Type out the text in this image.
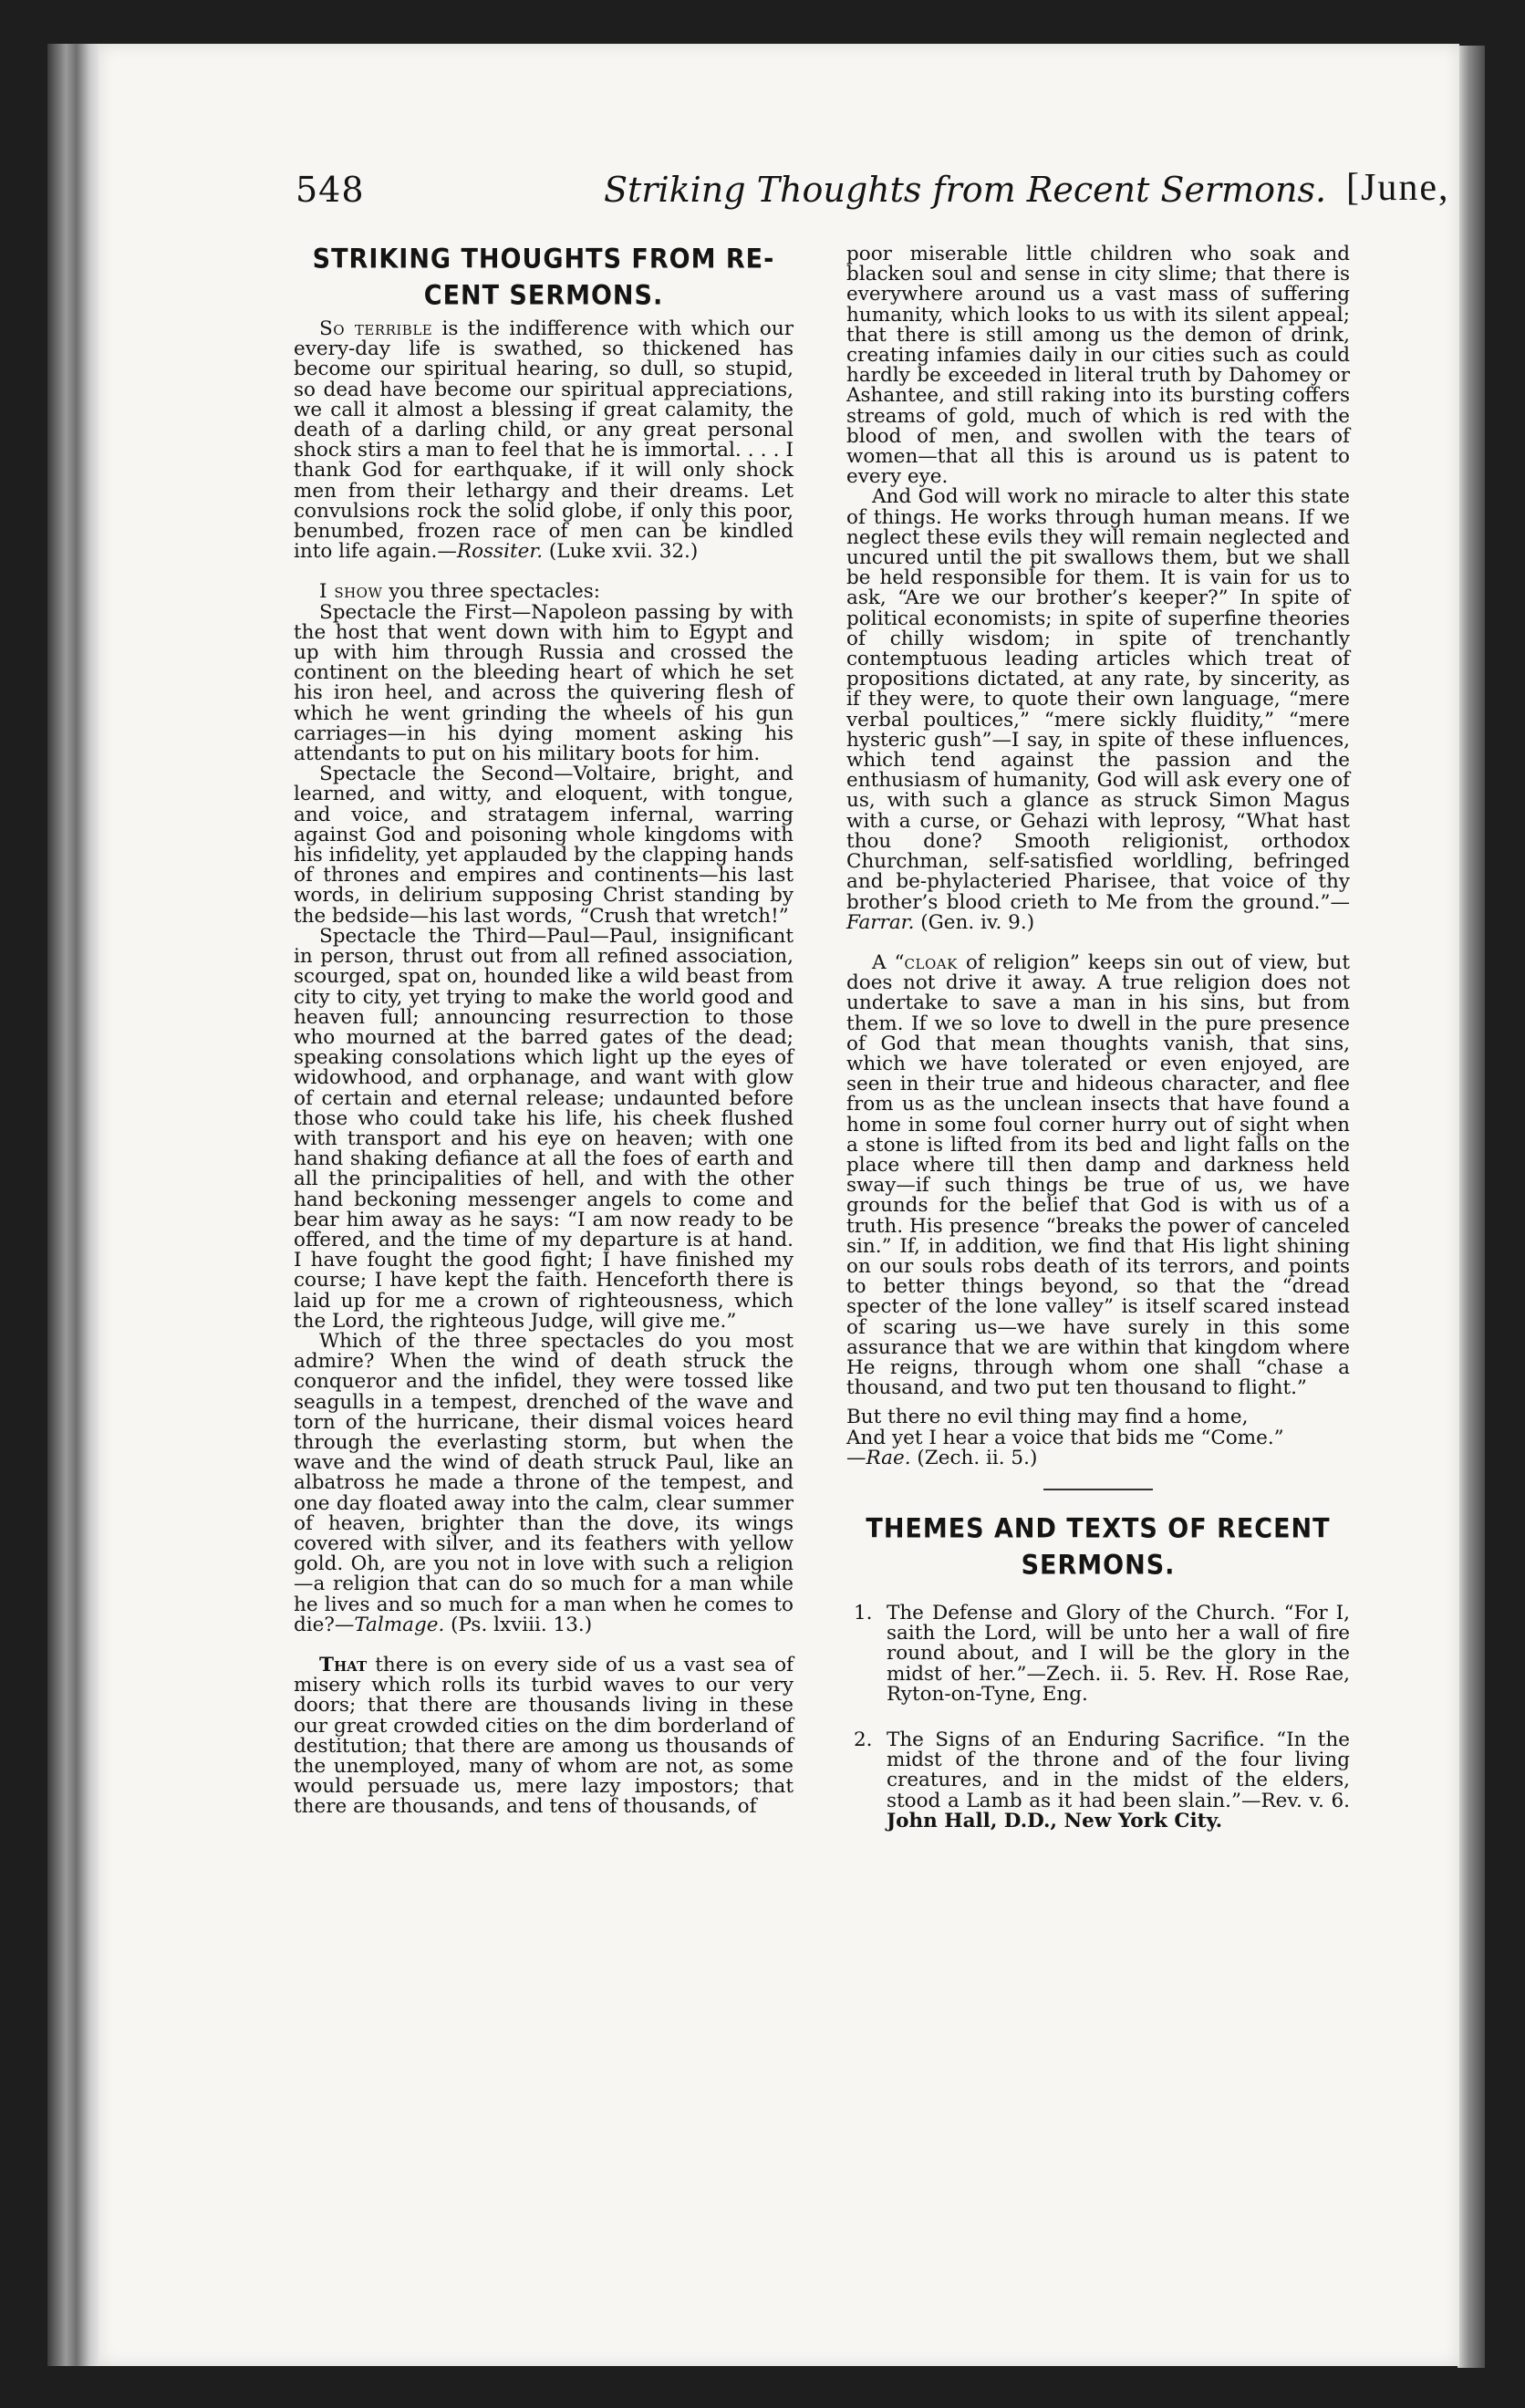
548	Striking Thoughts from Recent Sermons. [June,
STRIKING THOUGHTS FROM RE-
CENT SERMONS.

So terrible is the indifference with which our every-day life is swathed, so thickened has become our spiritual hearing, so dull, so stupid, so dead have become our spiritual appreciations, we call it almost a blessing if great calamity, the death of a darling child, or any great personal shock stirs a man to feel that he is immortal. . . . I thank God for earthquake, if it will only shock men from their lethargy and their dreams. Let convulsions rock the solid globe, if only this poor, benumbed, frozen race of men can be kindled into life again.—Rossiter. (Luke xvii. 32.)

I show you three spectacles:

Spectacle the First—Napoleon passing by with the host that went down with him to Egypt and up with him through Russia and crossed the continent on the bleeding heart of which he set his iron heel, and across the quivering flesh of which he went grinding the wheels of his gun carriages—in his dying moment asking his attendants to put on his military boots for him.

Spectacle the Second—Voltaire, bright, and learned, and witty, and eloquent, with tongue, and voice, and stratagem infernal, warring against God and poisoning whole kingdoms with his infidelity, yet applauded by the clapping hands of thrones and empires and continents—his last words, in delirium supposing Christ standing by the bedside—his last words, “Crush that wretch!”

Spectacle the Third—Paul—Paul, insignificant in person, thrust out from all refined association, scourged, spat on, hounded like a wild beast from city to city, yet trying to make the world good and heaven full; announcing resurrection to those who mourned at the barred gates of the dead; speaking consolations which light up the eyes of widowhood, and orphanage, and want with glow of certain and eternal release; undaunted before those who could take his life, his cheek flushed with transport and his eye on heaven; with one hand shaking defiance at all the foes of earth and all the principalities of hell, and with the other hand beckoning messenger angels to come and bear him away as he says: “I am now ready to be offered, and the time of my departure is at hand. I have fought the good fight; I have finished my course; I have kept the faith. Henceforth there is laid up for me a crown of righteousness, which the Lord, the righteous Judge, will give me.”

Which of the three spectacles do you most admire? When the wind of death struck the conqueror and the infidel, they were tossed like seagulls in a tempest, drenched of the wave and torn of the hurricane, their dismal voices heard through the everlasting storm, but when the wave and the wind of death struck Paul, like an albatross he made a throne of the tempest, and one day floated away into the calm, clear summer of heaven, brighter than the dove, its wings covered with silver, and its feathers with yellow gold. Oh, are you not in love with such a religion—a religion that can do so much for a man while he lives and so much for a man when he comes to die?—Talmage. (Ps. lxviii. 13.)

That there is on every side of us a vast sea of misery which rolls its turbid waves to our very doors; that there are thousands living in these our great crowded cities on the dim borderland of destitution; that there are among us thousands of the unemployed, many of whom are not, as some would persuade us, mere lazy impostors; that there are thousands, and tens of thousands, of

poor miserable little children who soak and blacken soul and sense in city slime; that there is everywhere around us a vast mass of suffering humanity, which looks to us with its silent appeal; that there is still among us the demon of drink, creating infamies daily in our cities such as could hardly be exceeded in literal truth by Dahomey or Ashantee, and still raking into its bursting coffers streams of gold, much of which is red with the blood of men, and swollen with the tears of women—that all this is around us is patent to every eye.

And God will work no miracle to alter this state of things. He works through human means. If we neglect these evils they will remain neglected and uncured until the pit swallows them, but we shall be held responsible for them. It is vain for us to ask, “Are we our brother’s keeper?” In spite of political economists; in spite of superfine theories of chilly wisdom; in spite of trenchantly contemptuous leading articles which treat of propositions dictated, at any rate, by sincerity, as if they were, to quote their own language, “mere verbal poultices,” “mere sickly fluidity,” “mere hysteric gush”—I say, in spite of these influences, which tend against the passion and the enthusiasm of humanity, God will ask every one of us, with such a glance as struck Simon Magus with a curse, or Gehazi with leprosy, “What hast thou done? Smooth religionist, orthodox Churchman, self-satisfied worldling, befringed and be-phylacteried Pharisee, that voice of thy brother’s blood crieth to Me from the ground.”—Farrar. (Gen. iv. 9.)

A “cloak of religion” keeps sin out of view, but does not drive it away. A true religion does not undertake to save a man in his sins, but from them. If we so love to dwell in the pure presence of God that mean thoughts vanish, that sins, which we have tolerated or even enjoyed, are seen in their true and hideous character, and flee from us as the unclean insects that have found a home in some foul corner hurry out of sight when a stone is lifted from its bed and light falls on the place where till then damp and darkness held sway—if such things be true of us, we have grounds for the belief that God is with us of a truth. His presence “breaks the power of canceled sin.” If, in addition, we find that His light shining on our souls robs death of its terrors, and points to better things beyond, so that the “dread specter of the lone valley” is itself scared instead of scaring us—we have surely in this some assurance that we are within that kingdom where He reigns, through whom one shall “chase a thousand, and two put ten thousand to flight.”

But there no evil thing may find a home,

And yet I hear a voice that bids me “Come.”

—Rae. (Zech. ii. 5.)

THEMES AND TEXTS OF RECENT
SERMONS.

1. The Defense and Glory of the Church. “For I, saith the Lord, will be unto her a wall of fire round about, and I will be the glory in the midst of her.”—Zech. ii. 5. Rev. H. Rose Rae, Ryton-on-Tyne, Eng.

2. The Signs of an Enduring Sacrifice. “In the midst of the throne and of the four living creatures, and in the midst of the elders, stood a Lamb as it had been slain.”—Rev. v. 6. John Hall, D.D., New York City.
